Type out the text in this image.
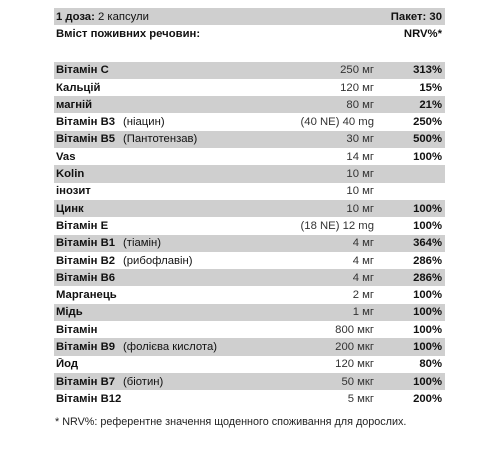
1 доза: 2 капсули	Пакет: 30
Вміст поживних речовин:	NRV%*
Вітамін C	250 мг	313%
Кальцій	120 мг	15%
магній	80 мг	21%
Вітамін B3 (ніацин)	(40 NE) 40 mg	250%
Вітамін B5 (Пантотензав)	30 мг	500%
Vas	14 мг	100%
Kolin	10 мг
інозит	10 мг
Цинк	10 мг	100%
Вітамін E	(18 NE) 12 mg	100%
Вітамін B1 (тіамін)	4 мг	364%
Вітамін B2 (рибофлавін)	4 мг	286%
Вітамін B6	4 мг	286%
Марганець	2 мг	100%
Мідь	1 мг	100%
Вітамін	800 мкг	100%
Вітамін B9 (фолієва кислота)	200 мкг	100%
Йод	120 мкг	80%
Вітамін B7 (біотин)	50 мкг	100%
Вітамін B12	5 мкг	200%
* NRV%: референтне значення щоденного споживання для дорослих.
